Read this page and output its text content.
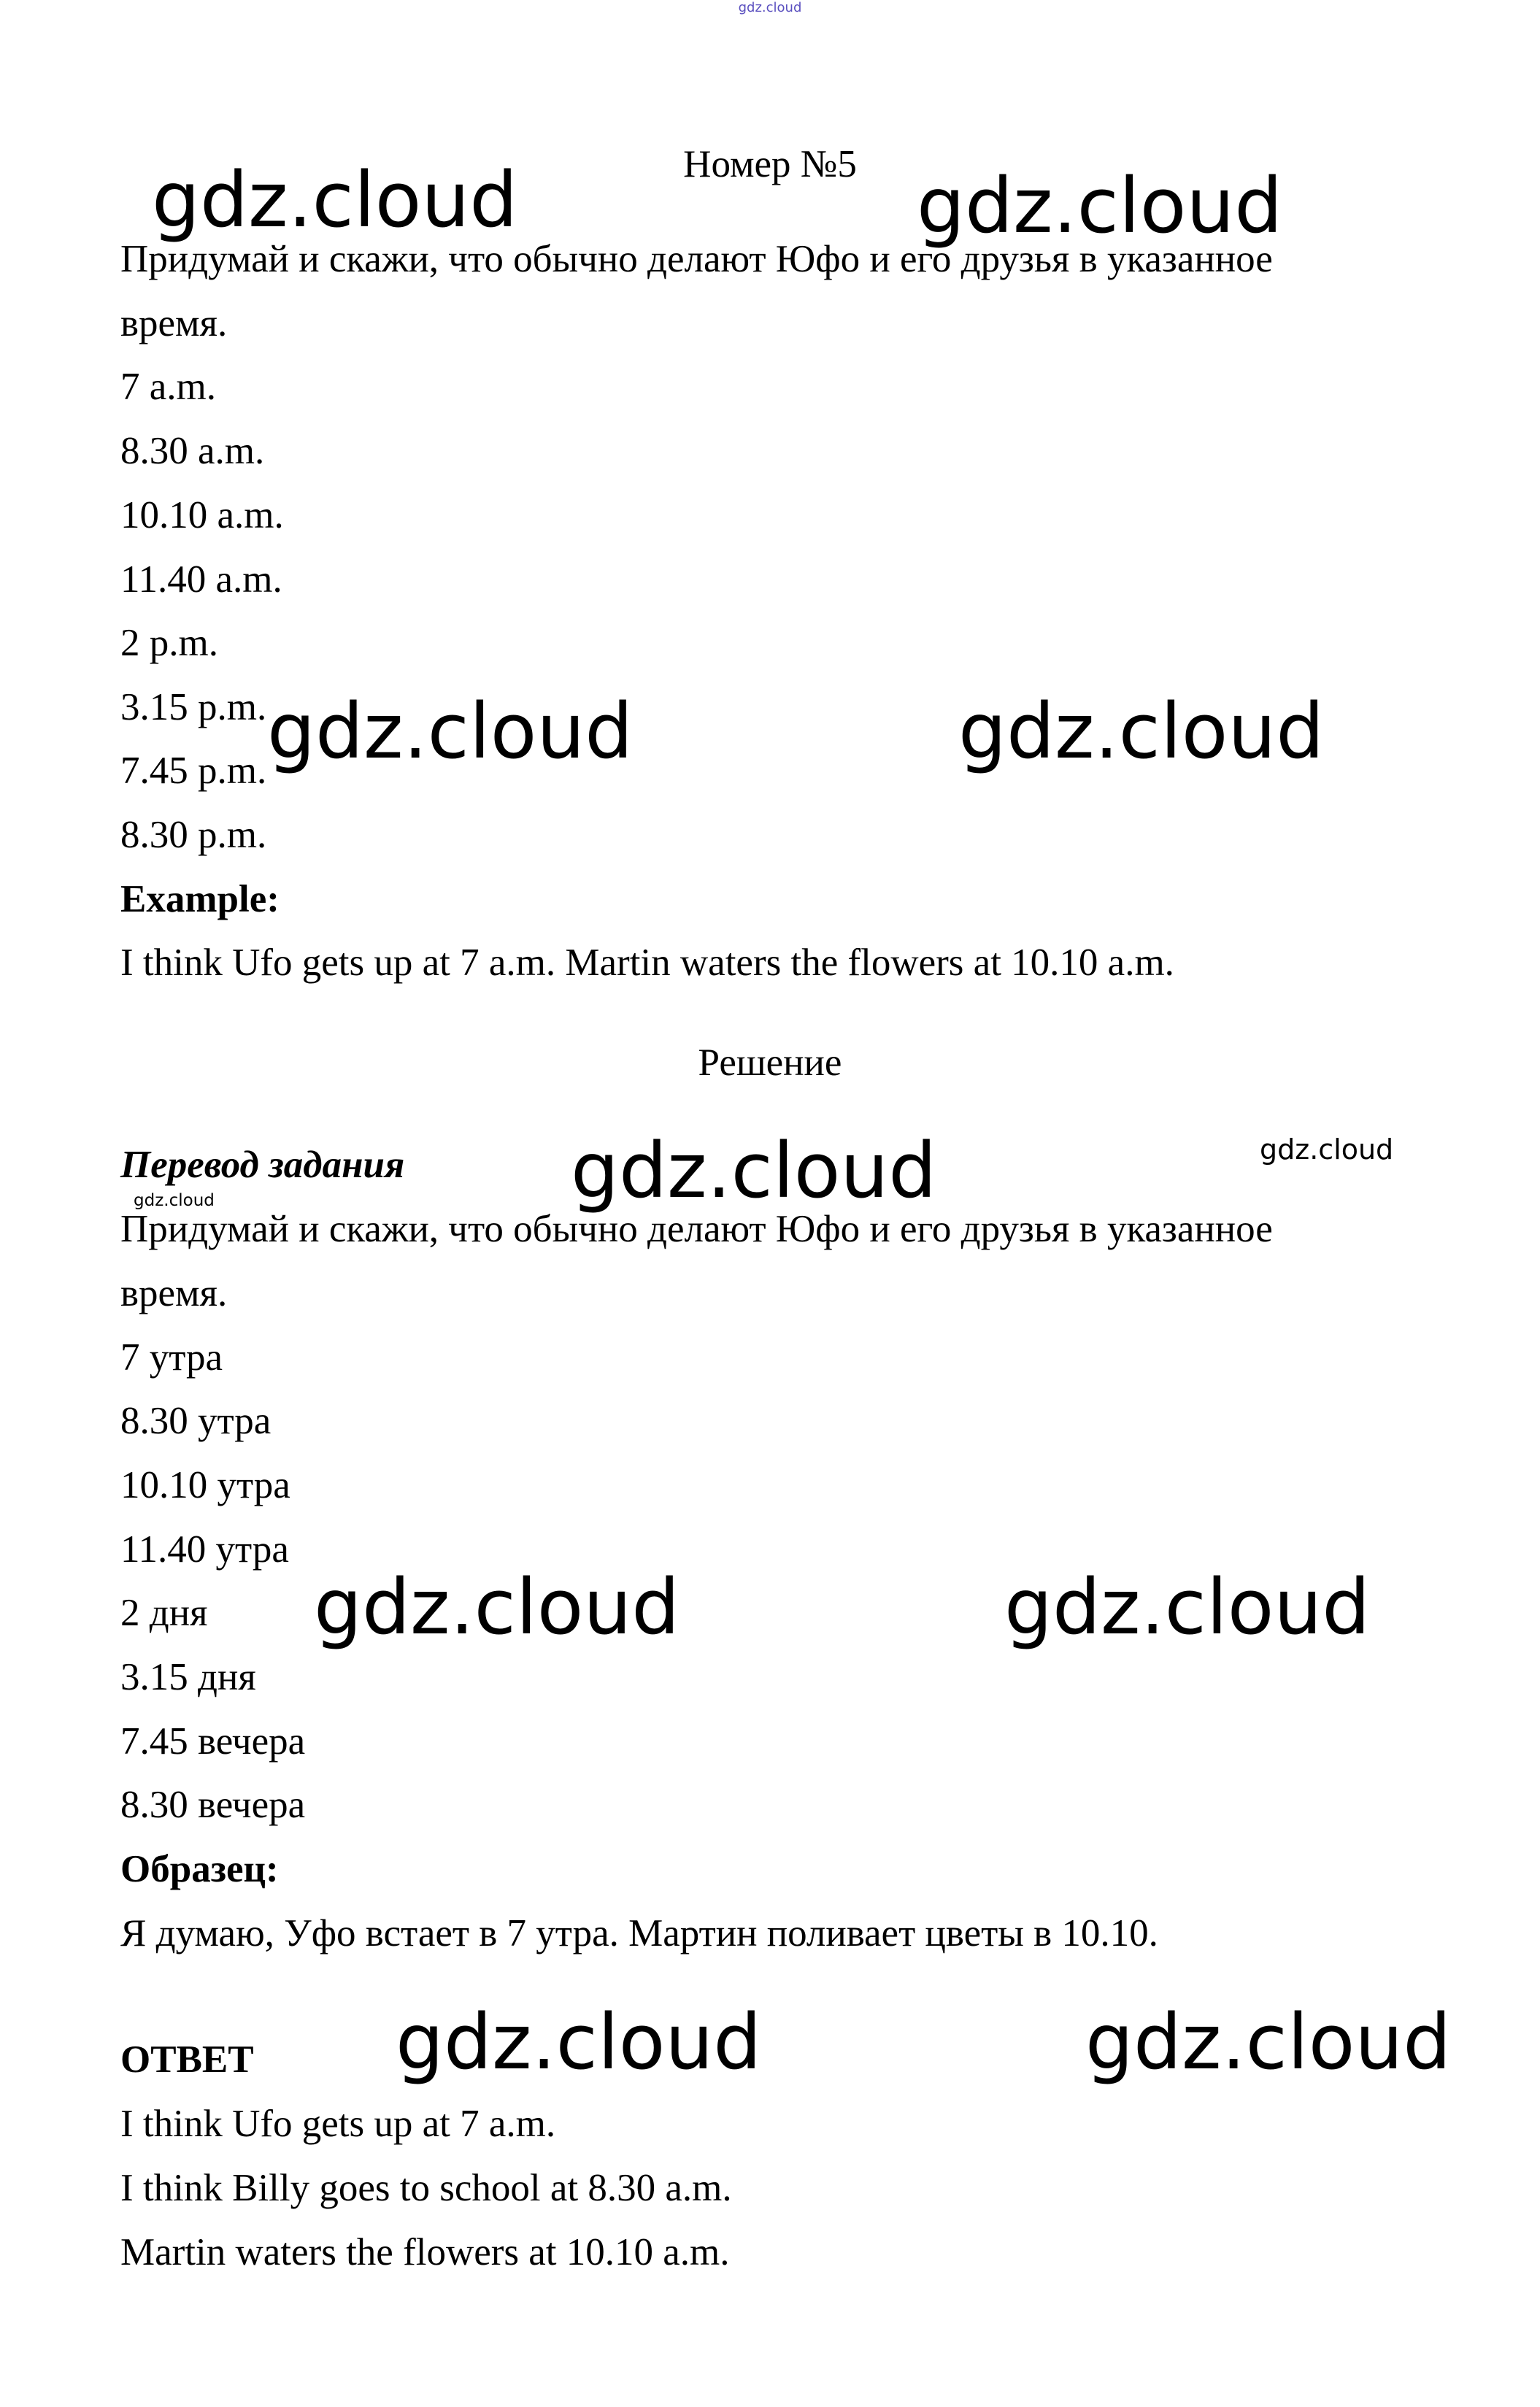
gdz.cloud
Номер №5
Придумай и скажи, что обычно делают Юфо и его друзья в указанное
время.
7 a.m.
8.30 a.m.
10.10 a.m.
11.40 a.m.
2 p.m.
3.15 p.m.
7.45 p.m.
8.30 p.m.
Example:
I think Ufo gets up at 7 a.m. Martin waters the flowers at 10.10 a.m.
Решение
Перевод задания
Придумай и скажи, что обычно делают Юфо и его друзья в указанное
время.
7 утра
8.30 утра
10.10 утра
11.40 утра
2 дня
3.15 дня
7.45 вечера
8.30 вечера
Образец:
Я думаю, Уфо встает в 7 утра. Мартин поливает цветы в 10.10.
ОТВЕТ
I think Ufo gets up at 7 a.m.
I think Billy goes to school at 8.30 a.m.
Martin waters the flowers at 10.10 a.m.
gdz.cloud	gdz.cloud
gdz.cloud	gdz.cloud
gdz.cloud	gdz.cloud
gdz.cloud
gdz.cloud	gdz.cloud
gdz.cloud	gdz.cloud
